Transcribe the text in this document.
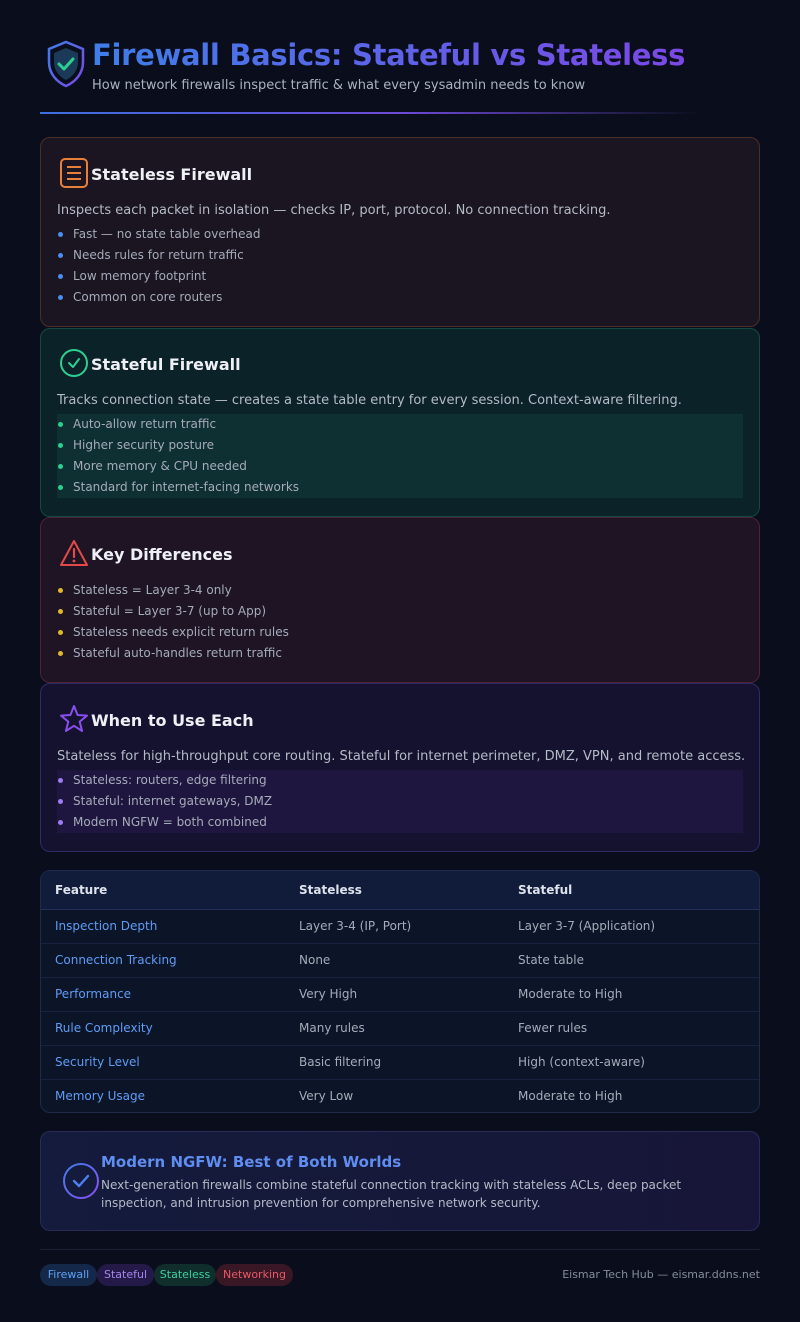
Firewall Basics: Stateful vs Stateless
How network firewalls inspect traffic & what every sysadmin needs to know
Stateless Firewall
Inspects each packet in isolation — checks IP, port, protocol. No connection tracking.
Fast — no state table overhead
Needs rules for return traffic
Low memory footprint
Common on core routers
Stateful Firewall
Tracks connection state — creates a state table entry for every session. Context-aware filtering.
Auto-allow return traffic
Higher security posture
More memory & CPU needed
Standard for internet-facing networks
Key Differences
Stateless = Layer 3-4 only
Stateful = Layer 3-7 (up to App)
Stateless needs explicit return rules
Stateful auto-handles return traffic
When to Use Each
Stateless for high-throughput core routing. Stateful for internet perimeter, DMZ, VPN, and remote access.
Stateless: routers, edge filtering
Stateful: internet gateways, DMZ
Modern NGFW = both combined
Feature	Stateless	Stateful
Inspection Depth	Layer 3-4 (IP, Port)	Layer 3-7 (Application)
Connection Tracking	None	State table
Performance	Very High	Moderate to High
Rule Complexity	Many rules	Fewer rules
Security Level	Basic filtering	High (context-aware)
Memory Usage	Very Low	Moderate to High
Modern NGFW: Best of Both Worlds
Next-generation firewalls combine stateful connection tracking with stateless ACLs, deep packet inspection, and intrusion prevention for comprehensive network security.
Firewall	Stateful	Stateless	Networking	Eismar Tech Hub — eismar.ddns.net
